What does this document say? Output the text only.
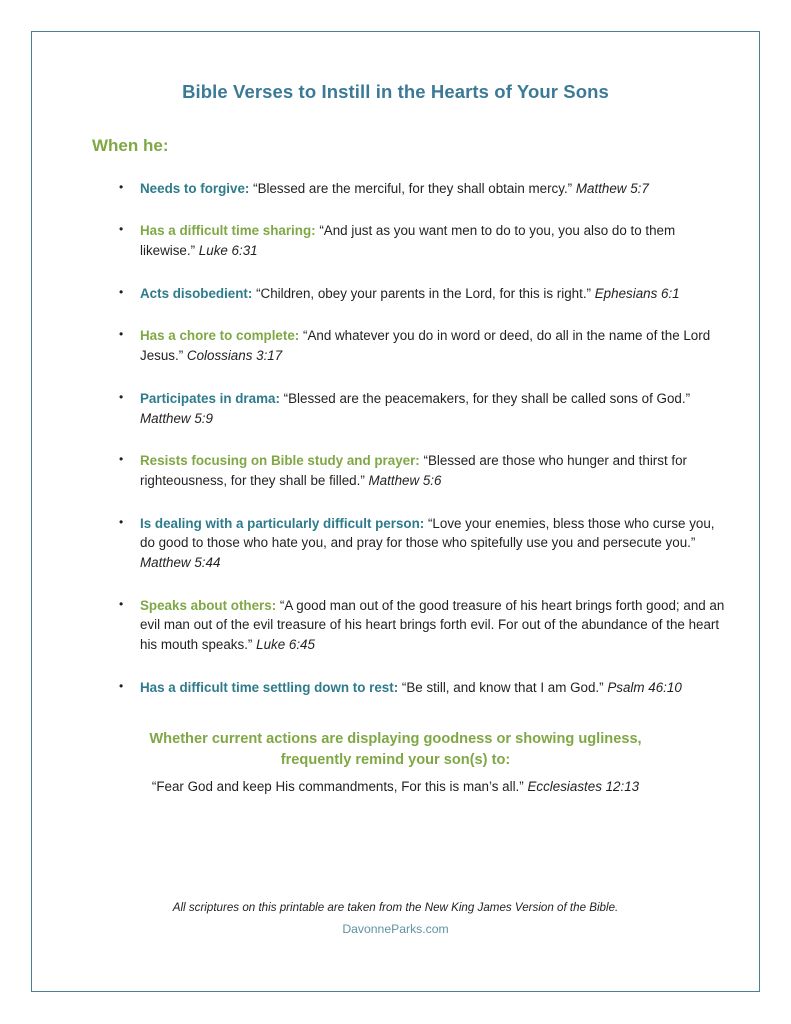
Bible Verses to Instill in the Hearts of Your Sons
When he:
• Needs to forgive: “Blessed are the merciful, for they shall obtain mercy.” Matthew 5:7
• Has a difficult time sharing: “And just as you want men to do to you, you also do to them likewise.” Luke 6:31
• Acts disobedient: “Children, obey your parents in the Lord, for this is right.” Ephesians 6:1
• Has a chore to complete: “And whatever you do in word or deed, do all in the name of the Lord Jesus.” Colossians 3:17
• Participates in drama: “Blessed are the peacemakers, for they shall be called sons of God.” Matthew 5:9
• Resists focusing on Bible study and prayer: “Blessed are those who hunger and thirst for righteousness, for they shall be filled.” Matthew 5:6
• Is dealing with a particularly difficult person: “Love your enemies, bless those who curse you, do good to those who hate you, and pray for those who spitefully use you and persecute you.” Matthew 5:44
• Speaks about others: “A good man out of the good treasure of his heart brings forth good; and an evil man out of the evil treasure of his heart brings forth evil. For out of the abundance of the heart his mouth speaks.” Luke 6:45
• Has a difficult time settling down to rest: “Be still, and know that I am God.” Psalm 46:10
Whether current actions are displaying goodness or showing ugliness,
frequently remind your son(s) to:
“Fear God and keep His commandments, For this is man’s all.” Ecclesiastes 12:13

All scriptures on this printable are taken from the New King James Version of the Bible.

DavonneParks.com
